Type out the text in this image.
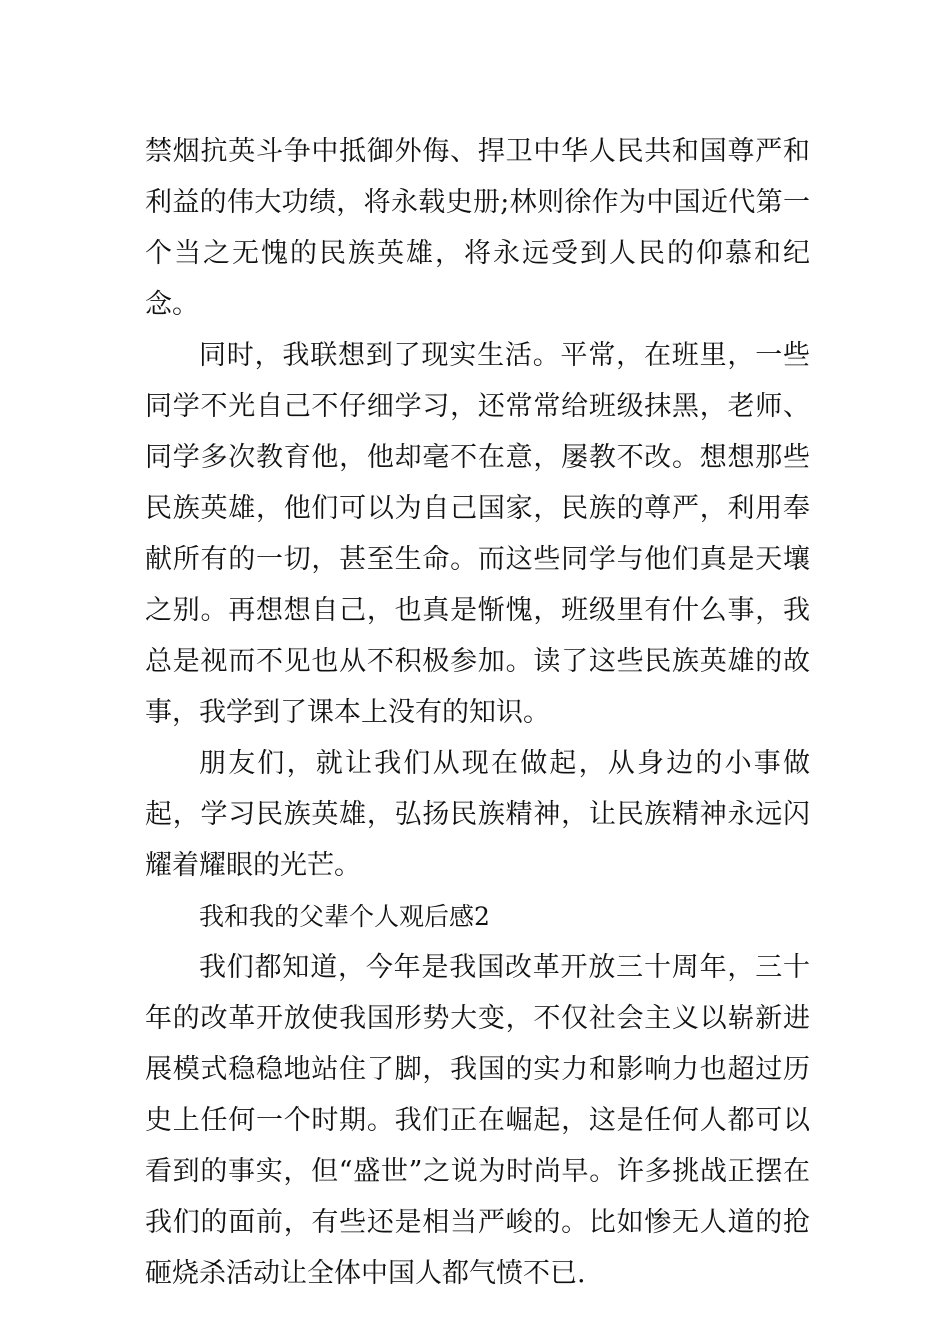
禁烟抗英斗争中抵御外侮、捍卫中华人民共和国尊严和利益的伟大功绩，将永载史册;林则徐作为中国近代第一个当之无愧的民族英雄，将永远受到人民的仰慕和纪念。

同时，我联想到了现实生活。平常，在班里，一些同学不光自己不仔细学习，还常常给班级抹黑，老师、同学多次教育他，他却毫不在意，屡教不改。想想那些民族英雄，他们可以为自己国家，民族的尊严，利用奉献所有的一切，甚至生命。而这些同学与他们真是天壤之别。再想想自己，也真是惭愧，班级里有什么事，我总是视而不见也从不积极参加。读了这些民族英雄的故事，我学到了课本上没有的知识。

朋友们，就让我们从现在做起，从身边的小事做起，学习民族英雄，弘扬民族精神，让民族精神永远闪耀着耀眼的光芒。

我和我的父辈个人观后感2

我们都知道，今年是我国改革开放三十周年，三十年的改革开放使我国形势大变，不仅社会主义以崭新进展模式稳稳地站住了脚，我国的实力和影响力也超过历史上任何一个时期。我们正在崛起，这是任何人都可以看到的事实，但“盛世”之说为时尚早。许多挑战正摆在我们的面前，有些还是相当严峻的。比如惨无人道的抢砸烧杀活动让全体中国人都气愤不已.
